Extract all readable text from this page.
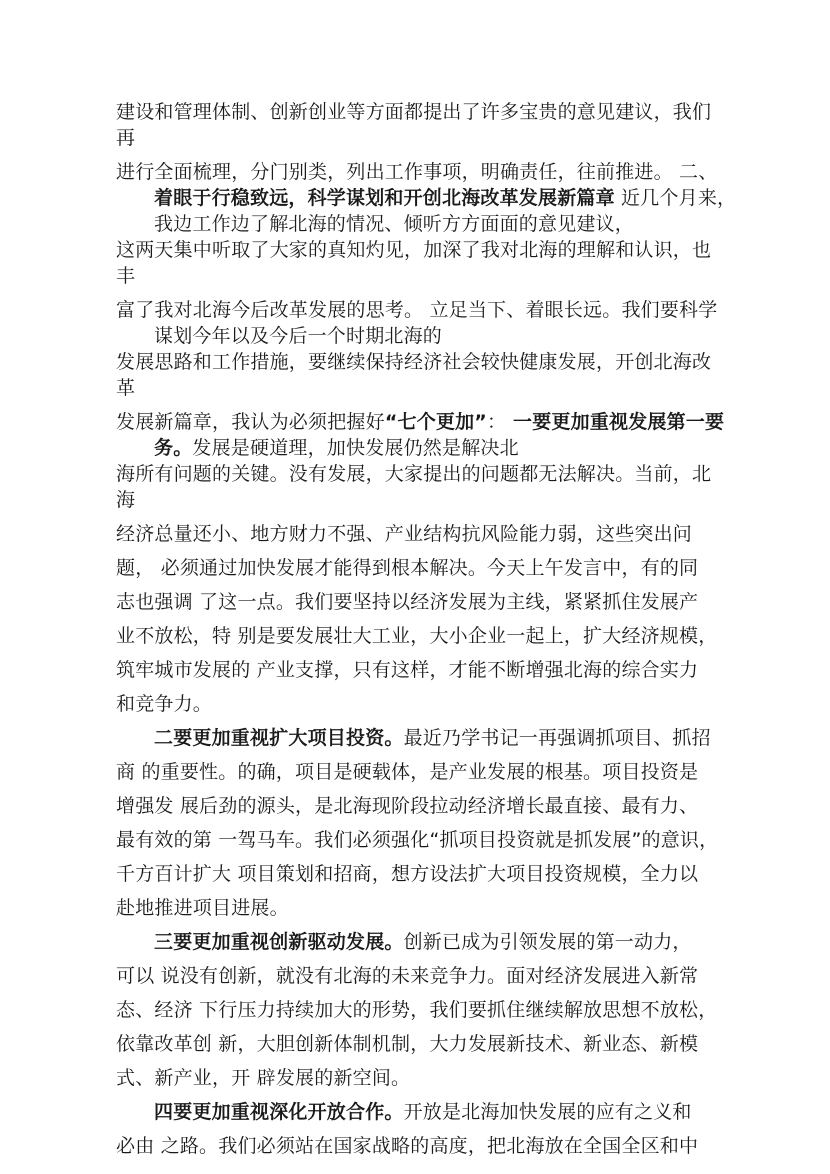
​
建设和管理体制、创新创业等方面都提出了许多宝贵的意见建议，我们
再
进行全面梳理，分门别类，列出工作事项，明确责任，往前推进。 二、
着眼于行稳致远，科学谋划和开创北海改革发展新篇章 近几个月来，
我边工作边了解北海的情况、倾听方方面面的意见建议，
这两天集中听取了大家的真知灼见，加深了我对北海的理解和认识，也
丰
富了我对北海今后改革发展的思考。 立足当下、着眼长远。我们要科学
谋划今年以及今后一个时期北海的
发展思路和工作措施，要继续保持经济社会较快健康发展，开创北海改
革
发展新篇章，我认为必须把握好“七个更加”： 一要更加重视发展第一要
务。发展是硬道理，加快发展仍然是解决北
海所有问题的关键。没有发展，大家提出的问题都无法解决。当前，北
海
经济总量还小、地方财力不强、产业结构抗风险能力弱，这些突出问
题， 必须通过加快发展才能得到根本解决。今天上午发言中，有的同
志也强调 了这一点。我们要坚持以经济发展为主线，紧紧抓住发展产
业不放松，特 别是要发展壮大工业，大小企业一起上，扩大经济规模，
筑牢城市发展的 产业支撑，只有这样，才能不断增强北海的综合实力
和竞争力。
二要更加重视扩大项目投资。最近乃学书记一再强调抓项目、抓招
商 的重要性。的确，项目是硬载体，是产业发展的根基。项目投资是
增强发 展后劲的源头，是北海现阶段拉动经济增长最直接、最有力、
最有效的第 一驾马车。我们必须强化“抓项目投资就是抓发展”的意识，
千方百计扩大 项目策划和招商，想方设法扩大项目投资规模，全力以
赴地推进项目进展。
三要更加重视创新驱动发展。创新已成为引领发展的第一动力，
可以 说没有创新，就没有北海的未来竞争力。面对经济发展进入新常
态、经济 下行压力持续加大的形势，我们要抓住继续解放思想不放松，
依靠改革创 新，大胆创新体制机制，大力发展新技术、新业态、新模
式、新产业，开 辟发展的新空间。
四要更加重视深化开放合作。开放是北海加快发展的应有之义和
必由 之路。我们必须站在国家战略的高度，把北海放在全国全区和中
